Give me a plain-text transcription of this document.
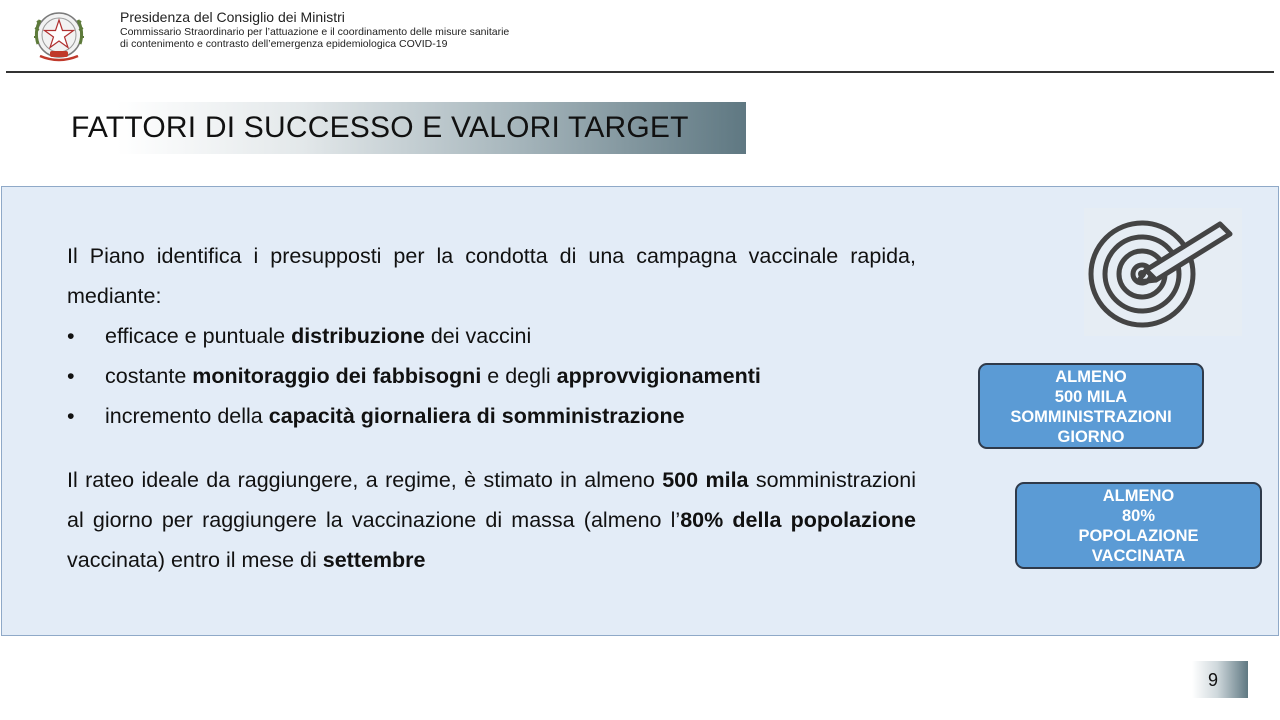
Presidenza del Consiglio dei Ministri
Commissario Straordinario per l’attuazione e il coordinamento delle misure sanitarie
di contenimento e contrasto dell’emergenza epidemiologica COVID-19
FATTORI DI SUCCESSO E VALORI TARGET

Il Piano identifica i presupposti per la condotta di una campagna vaccinale rapida, mediante:

• efficace e puntuale distribuzione dei vaccini
• costante monitoraggio dei fabbisogni e degli approvvigionamenti
• incremento della capacità giornaliera di somministrazione

Il rateo ideale da raggiungere, a regime, è stimato in almeno 500 mila somministrazioni al giorno per raggiungere la vaccinazione di massa (almeno l’80% della popolazione vaccinata) entro il mese di settembre

ALMENO
500 MILA
SOMMINISTRAZIONI
GIORNO
ALMENO
80%
POPOLAZIONE
VACCINATA
9
